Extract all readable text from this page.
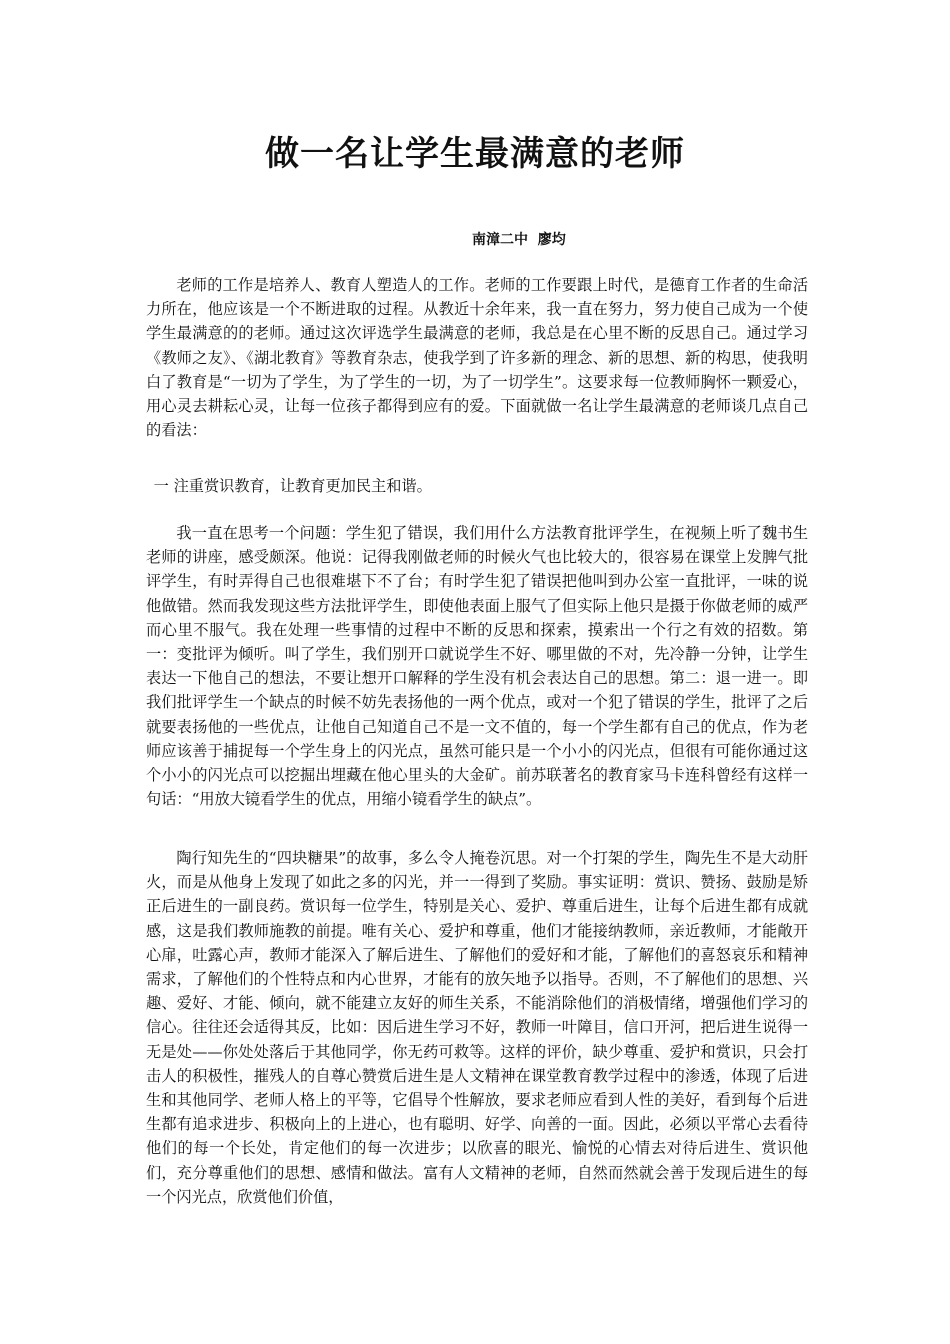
做一名让学生最满意的老师
南漳二中  廖均

老师的工作是培养人、教育人塑造人的工作。老师的工作要跟上时代，是德育工作者的生命活力所在，他应该是一个不断进取的过程。从教近十余年来，我一直在努力，努力使自己成为一个使学生最满意的的老师。通过这次评选学生最满意的老师，我总是在心里不断的反思自己。通过学习《教师之友》、《湖北教育》等教育杂志，使我学到了许多新的理念、新的思想、新的构思，使我明白了教育是“一切为了学生，为了学生的一切，为了一切学生”。这要求每一位教师胸怀一颗爱心，用心灵去耕耘心灵，让每一位孩子都得到应有的爱。下面就做一名让学生最满意的老师谈几点自己的看法：

一 注重赏识教育，让教育更加民主和谐。

我一直在思考一个问题：学生犯了错误，我们用什么方法教育批评学生，在视频上听了魏书生老师的讲座，感受颇深。他说：记得我刚做老师的时候火气也比较大的，很容易在课堂上发脾气批评学生，有时弄得自己也很难堪下不了台；有时学生犯了错误把他叫到办公室一直批评，一味的说他做错。然而我发现这些方法批评学生，即使他表面上服气了但实际上他只是摄于你做老师的威严而心里不服气。我在处理一些事情的过程中不断的反思和探索，摸索出一个行之有效的招数。第一：变批评为倾听。叫了学生，我们别开口就说学生不好、哪里做的不对，先冷静一分钟，让学生表达一下他自己的想法，不要让想开口解释的学生没有机会表达自己的思想。第二：退一进一。即我们批评学生一个缺点的时候不妨先表扬他的一两个优点，或对一个犯了错误的学生，批评了之后就要表扬他的一些优点，让他自己知道自己不是一文不值的，每一个学生都有自己的优点，作为老师应该善于捕捉每一个学生身上的闪光点，虽然可能只是一个小小的闪光点，但很有可能你通过这个小小的闪光点可以挖掘出埋藏在他心里头的大金矿。前苏联著名的教育家马卡连科曾经有这样一句话：“用放大镜看学生的优点，用缩小镜看学生的缺点”。

陶行知先生的“四块糖果”的故事，多么令人掩卷沉思。对一个打架的学生，陶先生不是大动肝火，而是从他身上发现了如此之多的闪光，并一一得到了奖励。事实证明：赏识、赞扬、鼓励是矫正后进生的一副良药。赏识每一位学生，特别是关心、爱护、尊重后进生，让每个后进生都有成就感，这是我们教师施教的前提。唯有关心、爱护和尊重，他们才能接纳教师，亲近教师，才能敞开心扉，吐露心声，教师才能深入了解后进生、了解他们的爱好和才能，了解他们的喜怒哀乐和精神需求，了解他们的个性特点和内心世界，才能有的放矢地予以指导。否则，不了解他们的思想、兴趣、爱好、才能、倾向，就不能建立友好的师生关系，不能消除他们的消极情绪，增强他们学习的信心。往往还会适得其反，比如：因后进生学习不好，教师一叶障目，信口开河，把后进生说得一无是处——你处处落后于其他同学，你无药可救等。这样的评价，缺少尊重、爱护和赏识，只会打击人的积极性，摧残人的自尊心赞赏后进生是人文精神在课堂教育教学过程中的渗透，体现了后进生和其他同学、老师人格上的平等，它倡导个性解放，要求老师应看到人性的美好，看到每个后进生都有追求进步、积极向上的上进心，也有聪明、好学、向善的一面。因此，必须以平常心去看待他们的每一个长处，肯定他们的每一次进步；以欣喜的眼光、愉悦的心情去对待后进生、赏识他们，充分尊重他们的思想、感情和做法。富有人文精神的老师，自然而然就会善于发现后进生的每一个闪光点，欣赏他们价值，
